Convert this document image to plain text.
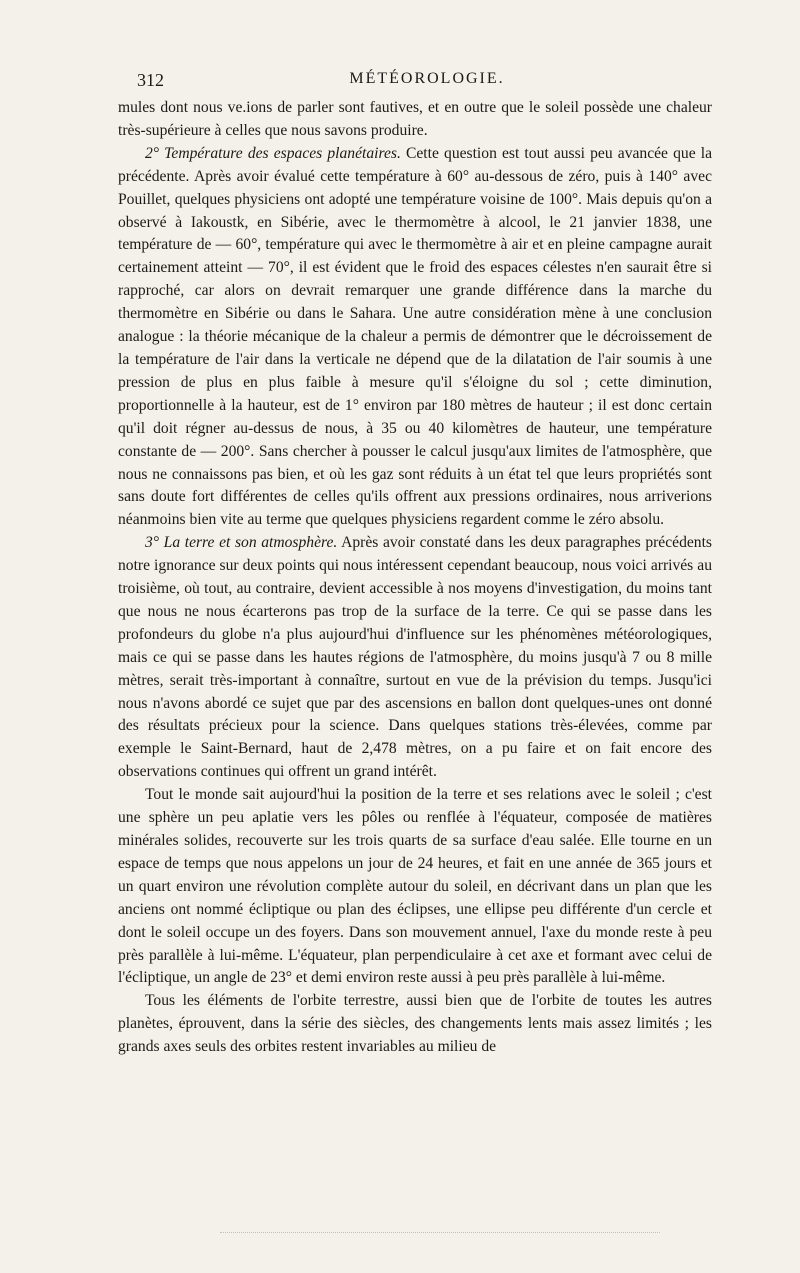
312	MÉTÉOROLOGIE.

mules dont nous ve.ions de parler sont fautives, et en outre que le soleil possède une chaleur très-supérieure à celles que nous savons produire.

2° Température des espaces planétaires. Cette question est tout aussi peu avancée que la précédente. Après avoir évalué cette température à 60° au-dessous de zéro, puis à 140° avec Pouillet, quelques physiciens ont adopté une température voisine de 100°. Mais depuis qu'on a observé à Iakoustk, en Sibérie, avec le thermomètre à alcool, le 21 janvier 1838, une température de — 60°, température qui avec le thermomètre à air et en pleine campagne aurait certainement atteint — 70°, il est évident que le froid des espaces célestes n'en saurait être si rapproché, car alors on devrait remarquer une grande différence dans la marche du thermomètre en Sibérie ou dans le Sahara. Une autre considération mène à une conclusion analogue : la théorie mécanique de la chaleur a permis de démontrer que le décroissement de la température de l'air dans la verticale ne dépend que de la dilatation de l'air soumis à une pression de plus en plus faible à mesure qu'il s'éloigne du sol ; cette diminution, proportionnelle à la hauteur, est de 1° environ par 180 mètres de hauteur ; il est donc certain qu'il doit régner au-dessus de nous, à 35 ou 40 kilomètres de hauteur, une température constante de — 200°. Sans chercher à pousser le calcul jusqu'aux limites de l'atmosphère, que nous ne connaissons pas bien, et où les gaz sont réduits à un état tel que leurs propriétés sont sans doute fort différentes de celles qu'ils offrent aux pressions ordinaires, nous arriverions néanmoins bien vite au terme que quelques physiciens regardent comme le zéro absolu.

3° La terre et son atmosphère. Après avoir constaté dans les deux paragraphes précédents notre ignorance sur deux points qui nous intéressent cependant beaucoup, nous voici arrivés au troisième, où tout, au contraire, devient accessible à nos moyens d'investigation, du moins tant que nous ne nous écarterons pas trop de la surface de la terre. Ce qui se passe dans les profondeurs du globe n'a plus aujourd'hui d'influence sur les phénomènes météorologiques, mais ce qui se passe dans les hautes régions de l'atmosphère, du moins jusqu'à 7 ou 8 mille mètres, serait très-important à connaître, surtout en vue de la prévision du temps. Jusqu'ici nous n'avons abordé ce sujet que par des ascensions en ballon dont quelques-unes ont donné des résultats précieux pour la science. Dans quelques stations très-élevées, comme par exemple le Saint-Bernard, haut de 2,478 mètres, on a pu faire et on fait encore des observations continues qui offrent un grand intérêt.

Tout le monde sait aujourd'hui la position de la terre et ses relations avec le soleil ; c'est une sphère un peu aplatie vers les pôles ou renflée à l'équateur, composée de matières minérales solides, recouverte sur les trois quarts de sa surface d'eau salée. Elle tourne en un espace de temps que nous appelons un jour de 24 heures, et fait en une année de 365 jours et un quart environ une révolution complète autour du soleil, en décrivant dans un plan que les anciens ont nommé écliptique ou plan des éclipses, une ellipse peu différente d'un cercle et dont le soleil occupe un des foyers. Dans son mouvement annuel, l'axe du monde reste à peu près parallèle à lui-même. L'équateur, plan perpendiculaire à cet axe et formant avec celui de l'écliptique, un angle de 23° et demi environ reste aussi à peu près parallèle à lui-même.

Tous les éléments de l'orbite terrestre, aussi bien que de l'orbite de toutes les autres planètes, éprouvent, dans la série des siècles, des changements lents mais assez limités ; les grands axes seuls des orbites restent invariables au milieu de
